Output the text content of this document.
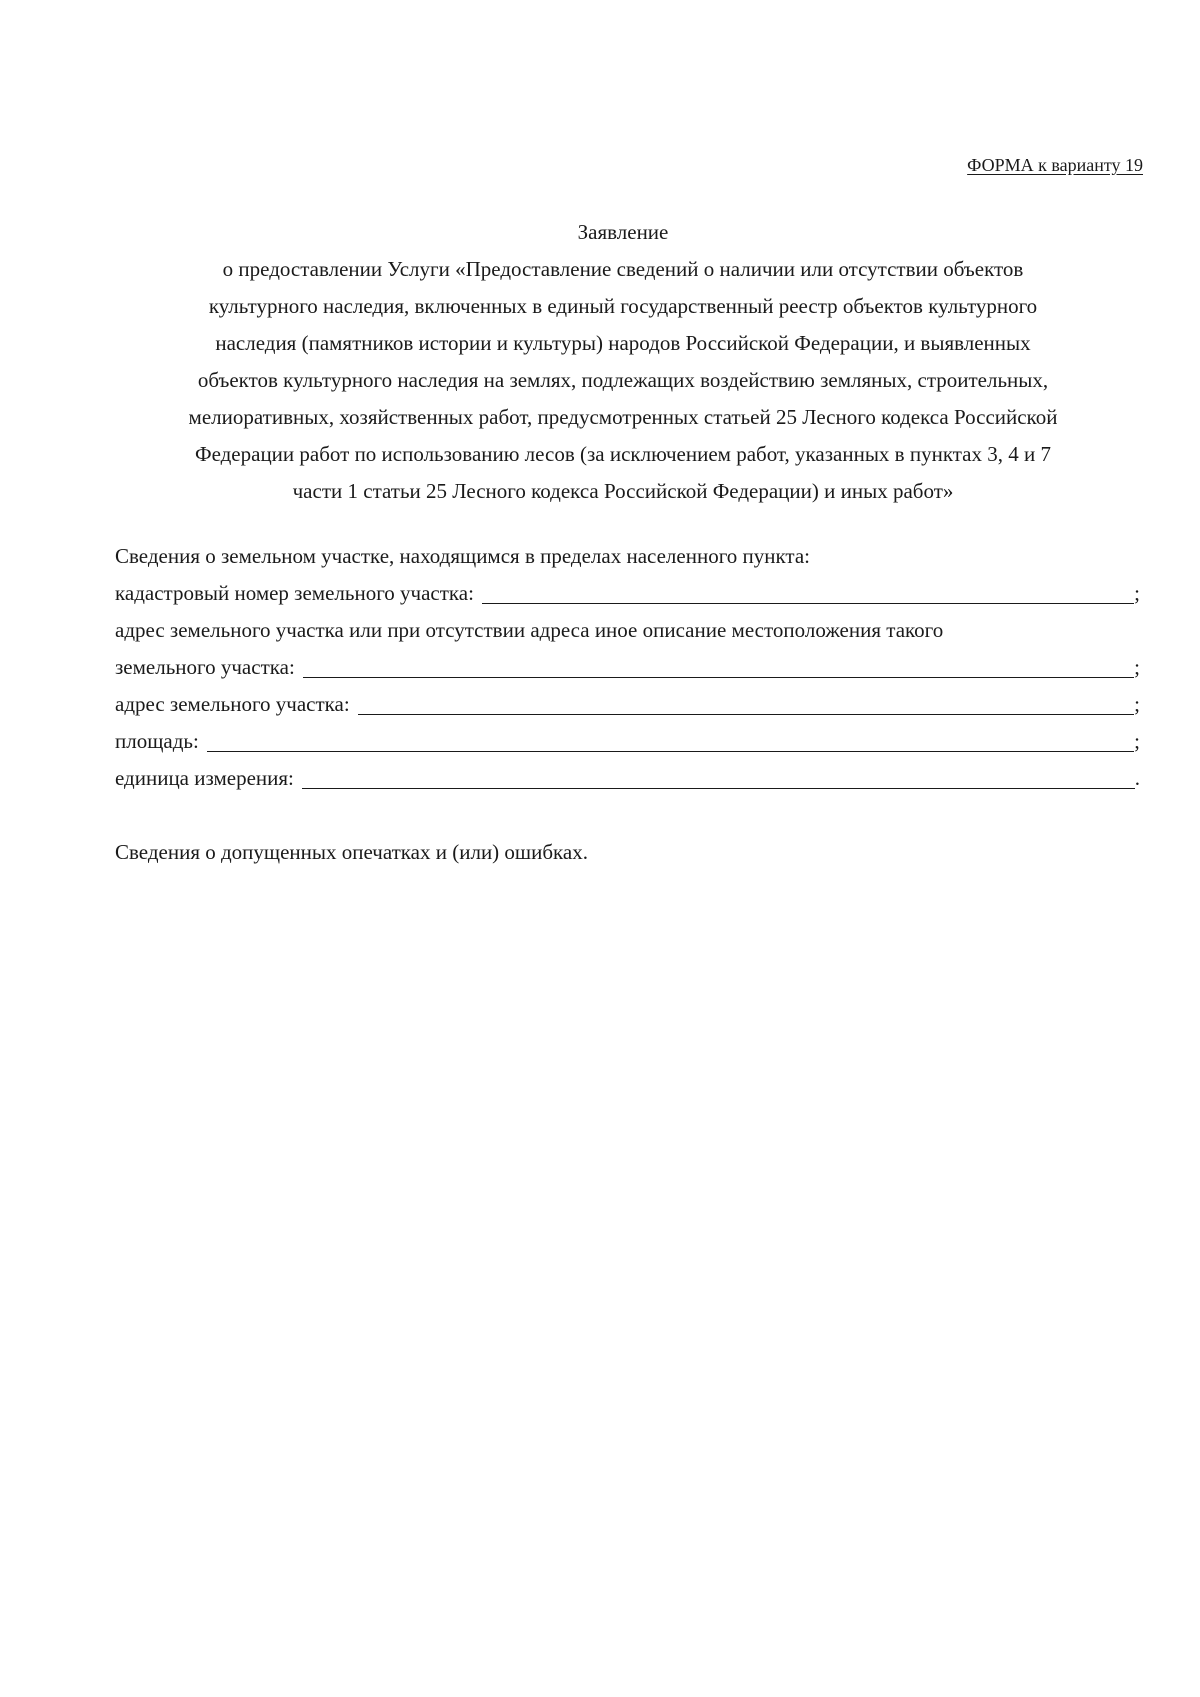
ФОРМА к варианту 19
Заявление
о предоставлении Услуги «Предоставление сведений о наличии или отсутствии объектов
культурного наследия, включенных в единый государственный реестр объектов культурного
наследия (памятников истории и культуры) народов Российской Федерации, и выявленных
объектов культурного наследия на землях, подлежащих воздействию земляных, строительных,
мелиоративных, хозяйственных работ, предусмотренных статьей 25 Лесного кодекса Российской
Федерации работ по использованию лесов (за исключением работ, указанных в пунктах 3, 4 и 7
части 1 статьи 25 Лесного кодекса Российской Федерации) и иных работ»
Сведения о земельном участке, находящимся в пределах населенного пункта:
кадастровый номер земельного участка:	;
адрес земельного участка или при отсутствии адреса иное описание местоположения такого
земельного участка:	;
адрес земельного участка:	;
площадь:	;
единица измерения:	.
Сведения о допущенных опечатках и (или) ошибках.
